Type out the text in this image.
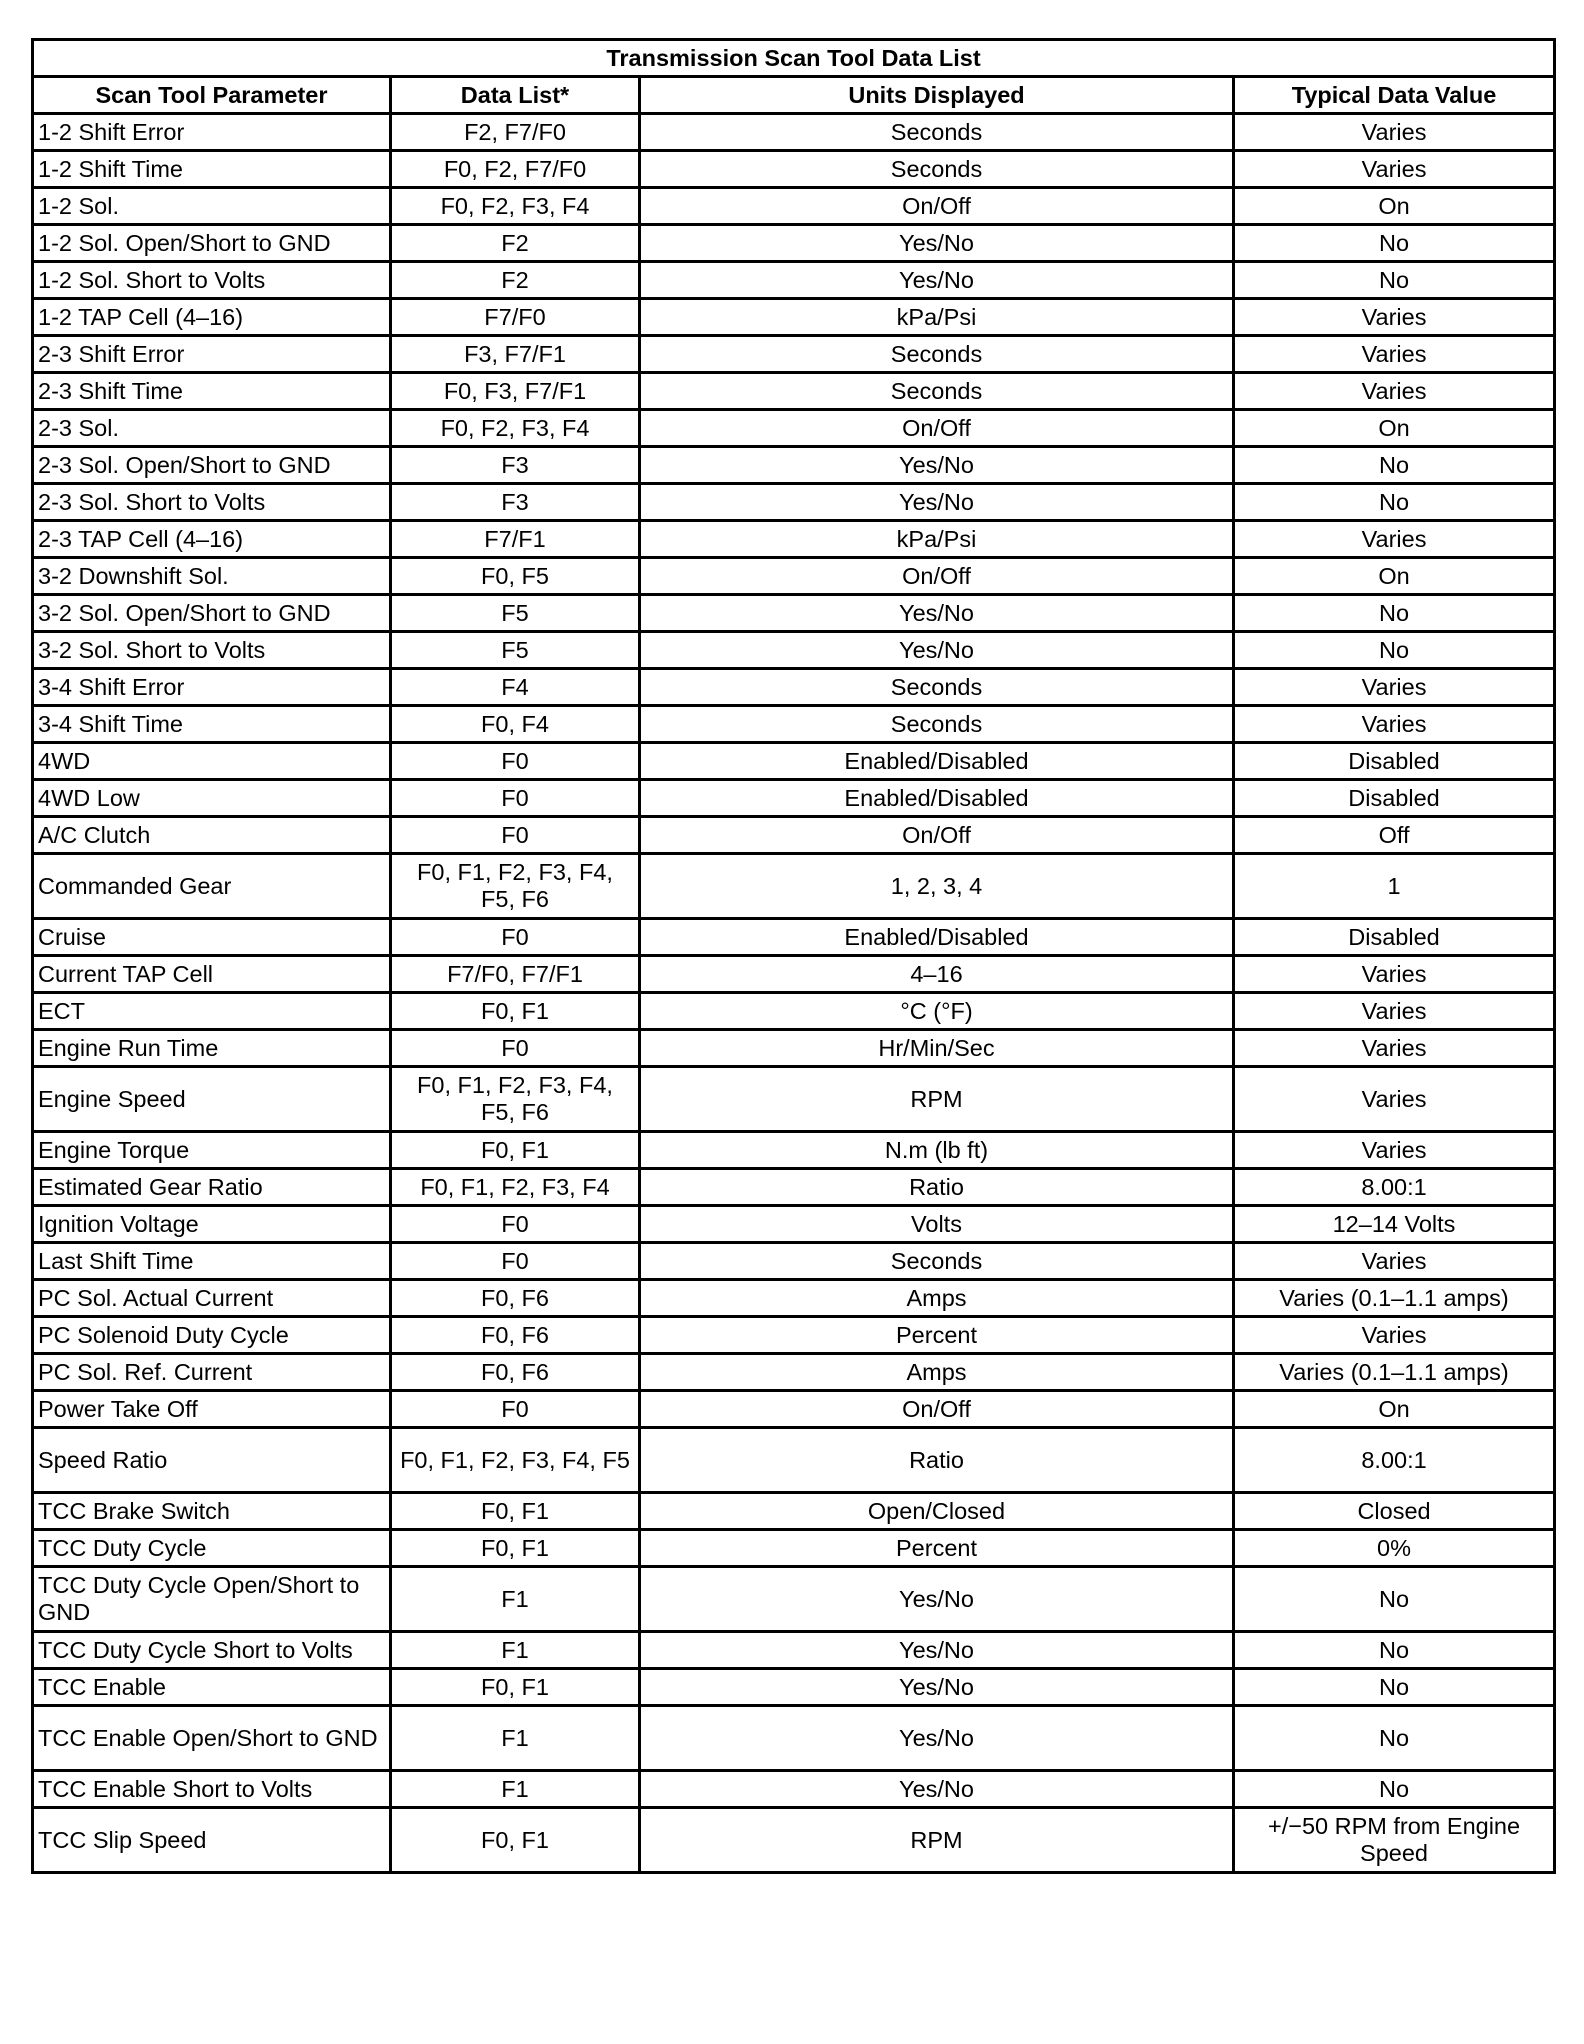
Transmission Scan Tool Data List			
Scan Tool Parameter	Data List*	Units Displayed	Typical Data Value
1-2 Shift Error	F2, F7/F0	Seconds	Varies
1-2 Shift Time	F0, F2, F7/F0	Seconds	Varies
1-2 Sol.	F0, F2, F3, F4	On/Off	On
1-2 Sol. Open/Short to GND	F2	Yes/No	No
1-2 Sol. Short to Volts	F2	Yes/No	No
1-2 TAP Cell (4–16)	F7/F0	kPa/Psi	Varies
2-3 Shift Error	F3, F7/F1	Seconds	Varies
2-3 Shift Time	F0, F3, F7/F1	Seconds	Varies
2-3 Sol.	F0, F2, F3, F4	On/Off	On
2-3 Sol. Open/Short to GND	F3	Yes/No	No
2-3 Sol. Short to Volts	F3	Yes/No	No
2-3 TAP Cell (4–16)	F7/F1	kPa/Psi	Varies
3-2 Downshift Sol.	F0, F5	On/Off	On
3-2 Sol. Open/Short to GND	F5	Yes/No	No
3-2 Sol. Short to Volts	F5	Yes/No	No
3-4 Shift Error	F4	Seconds	Varies
3-4 Shift Time	F0, F4	Seconds	Varies
4WD	F0	Enabled/Disabled	Disabled
4WD Low	F0	Enabled/Disabled	Disabled
A/C Clutch	F0	On/Off	Off
Commanded Gear	F0, F1, F2, F3, F4, F5, F6	1, 2, 3, 4	1
Cruise	F0	Enabled/Disabled	Disabled
Current TAP Cell	F7/F0, F7/F1	4–16	Varies
ECT	F0, F1	°C (°F)	Varies
Engine Run Time	F0	Hr/Min/Sec	Varies
Engine Speed	F0, F1, F2, F3, F4, F5, F6	RPM	Varies
Engine Torque	F0, F1	N.m (lb ft)	Varies
Estimated Gear Ratio	F0, F1, F2, F3, F4	Ratio	8.00:1
Ignition Voltage	F0	Volts	12–14 Volts
Last Shift Time	F0	Seconds	Varies
PC Sol. Actual Current	F0, F6	Amps	Varies (0.1–1.1 amps)
PC Solenoid Duty Cycle	F0, F6	Percent	Varies
PC Sol. Ref. Current	F0, F6	Amps	Varies (0.1–1.1 amps)
Power Take Off	F0	On/Off	On
Speed Ratio	F0, F1, F2, F3, F4, F5	Ratio	8.00:1
TCC Brake Switch	F0, F1	Open/Closed	Closed
TCC Duty Cycle	F0, F1	Percent	0%
TCC Duty Cycle Open/Short to GND	F1	Yes/No	No
TCC Duty Cycle Short to Volts	F1	Yes/No	No
TCC Enable	F0, F1	Yes/No	No
TCC Enable Open/Short to GND	F1	Yes/No	No
TCC Enable Short to Volts	F1	Yes/No	No
TCC Slip Speed	F0, F1	RPM	+/−50 RPM from Engine Speed
